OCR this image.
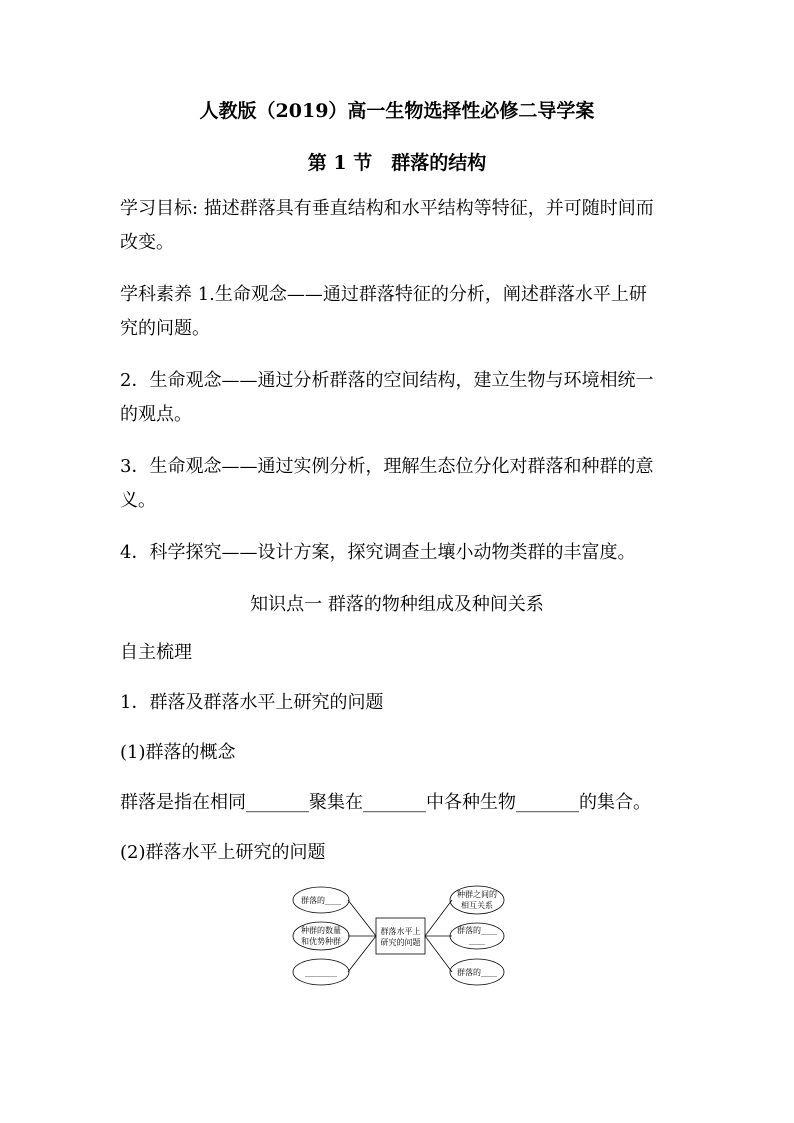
人教版（2019）高一生物选择性必修二导学案
第 1 节　群落的结构
学习目标: 描述群落具有垂直结构和水平结构等特征，并可随时间而
改变。
学科素养 1.生命观念——通过群落特征的分析，阐述群落水平上研
究的问题。
2．生命观念——通过分析群落的空间结构，建立生物与环境相统一
的观点。
3．生命观念——通过实例分析，理解生态位分化对群落和种群的意
义。
4．科学探究——设计方案，探究调查土壤小动物类群的丰富度。
知识点一 群落的物种组成及种间关系
自主梳理
1．群落及群落水平上研究的问题
(1)群落的概念
群落是指在相同_______聚集在_______中各种生物_______的集合。
(2)群落水平上研究的问题
群落水平上
研究的问题
群落的____
种群的数量
和优势种群
________
种群之间的
相互关系
群落的____
____
群落的____
